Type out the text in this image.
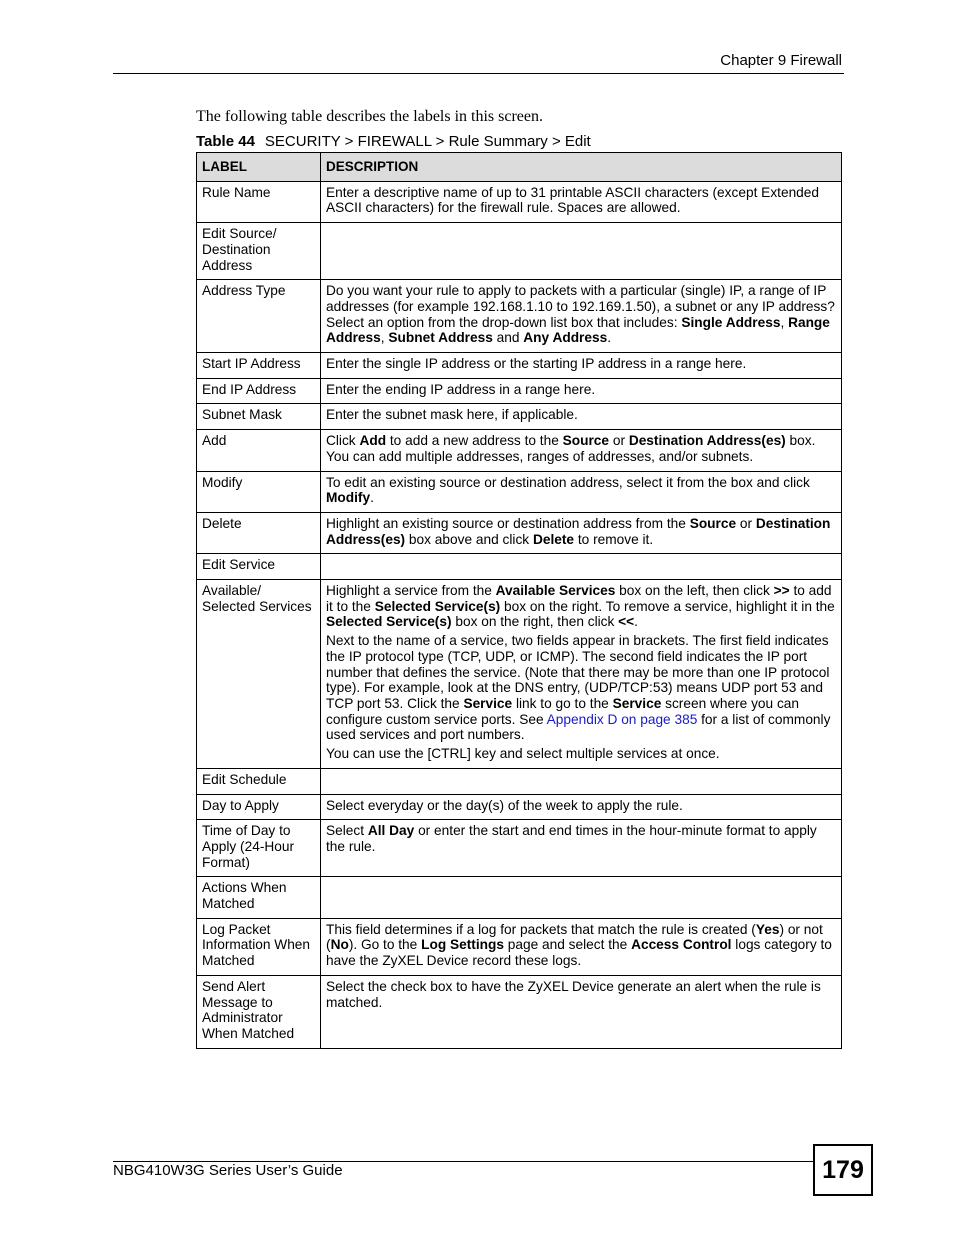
Chapter 9 Firewall
The following table describes the labels in this screen.
Table 44 SECURITY > FIREWALL > Rule Summary > Edit
LABEL	DESCRIPTION
Rule Name	Enter a descriptive name of up to 31 printable ASCII characters (except Extended ASCII characters) for the firewall rule. Spaces are allowed.

Edit Source/ Destination Address	
Address Type	Do you want your rule to apply to packets with a particular (single) IP, a range of IP addresses (for example 192.168.1.10 to 192.169.1.50), a subnet or any IP address? Select an option from the drop-down list box that includes: Single Address, Range Address, Subnet Address and Any Address.

Start IP Address	Enter the single IP address or the starting IP address in a range here.

End IP Address	Enter the ending IP address in a range here.

Subnet Mask	Enter the subnet mask here, if applicable.

Add	Click Add to add a new address to the Source or Destination Address(es) box. You can add multiple addresses, ranges of addresses, and/or subnets.

Modify	To edit an existing source or destination address, select it from the box and click Modify.

Delete	Highlight an existing source or destination address from the Source or Destination Address(es) box above and click Delete to remove it.

Edit Service	
Available/ Selected Services	Highlight a service from the Available Services box on the left, then click >> to add it to the Selected Service(s) box on the right. To remove a service, highlight it in the Selected Service(s) box on the right, then click <<.

Next to the name of a service, two fields appear in brackets. The first field indicates the IP protocol type (TCP, UDP, or ICMP). The second field indicates the IP port number that defines the service. (Note that there may be more than one IP protocol type). For example, look at the DNS entry, (UDP/TCP:53) means UDP port 53 and TCP port 53. Click the Service link to go to the Service screen where you can configure custom service ports. See Appendix D on page 385 for a list of commonly used services and port numbers.

You can use the [CTRL] key and select multiple services at once.

Edit Schedule	
Day to Apply	Select everyday or the day(s) of the week to apply the rule.

Time of Day to Apply (24-Hour Format)	Select All Day or enter the start and end times in the hour-minute format to apply the rule.

Actions When Matched	
Log Packet Information When Matched	This field determines if a log for packets that match the rule is created (Yes) or not (No). Go to the Log Settings page and select the Access Control logs category to have the ZyXEL Device record these logs.

Send Alert Message to Administrator When Matched	Select the check box to have the ZyXEL Device generate an alert when the rule is matched.

NBG410W3G Series User’s Guide	179
